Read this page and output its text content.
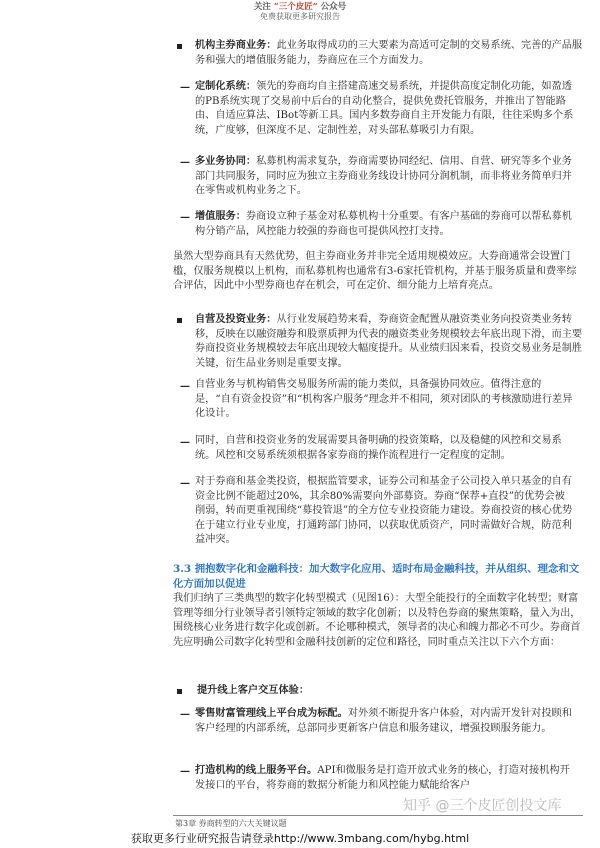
关注 “三个皮匠” 公众号
免费获取更多研究报告

机构主券商业务：此业务取得成功的三大要素为高适可定制的交易系统、完善的产品服务和强大的增值服务能力，券商应在三个方面发力。

— 定制化系统：领先的券商均自主搭建高速交易系统，并提供高度定制化功能，如盈透的PB系统实现了交易前中后台的自动化整合，提供免费托管服务，并推出了智能路由、自适应算法、IBot等新工具。国内多数券商自主开发能力有限，往往采购多个系统，广度够，但深度不足、定制性差，对头部私募吸引力有限。

— 多业务协同：私募机构需求复杂，券商需要协同经纪、信用、自营、研究等多个业务部门共同服务，同时应为独立主券商业务线设计协同分润机制，而非将业务简单归并在零售或机构业务之下。

— 增值服务：券商设立种子基金对私募机构十分重要。有客户基础的券商可以帮私募机构分销产品，风控能力较强的券商也可提供风控打支持。

虽然大型券商具有天然优势，但主券商业务并非完全适用规模效应。大券商通常会设置门槛，仅服务规模以上机构，而私募机构也通常有3-6家托管机构，并基于服务质量和费率综合评估，因此中小型券商也存在机会，可在定价、细分能力上培育亮点。

自营及投资业务：从行业发展趋势来看，券商资金配置从融资类业务向投资类业务转移，反映在以融资融券和股票质押为代表的融资类业务规模较去年底出现下滑，而主要券商投资业务规模较去年底出现较大幅度提升。从业绩归因来看，投资交易业务是制胜关键，衍生品业务则是重要支撑。

— 自营业务与机构销售交易服务所需的能力类似，具备强协同效应。值得注意的是，“自有资金投资”和“机构客户服务”理念并不相同，须对团队的考核激励进行差异化设计。

— 同时，自营和投资业务的发展需要具备明确的投资策略，以及稳健的风控和交易系统。风控和交易系统须根据各家券商的操作流程进行一定程度的定制。

— 对于券商和基金类投资，根据监管要求，证券公司和基金子公司投入单只基金的自有资金比例不能超过20%，其余80%需要向外部募资。券商“保荐+直投”的优势会被削弱，转而更重视围绕“募投管退”的全方位专业投资能力建设。券商投资的核心优势在于建立行业专业度，打通跨部门协同，以获取优质资产，同时需做好合规，防范利益冲突。

3.3 拥抱数字化和金融科技：加大数字化应用、适时布局金融科技，并从组织、理念和文化方面加以促进

我们归纳了三类典型的数字化转型模式（见图16）：大型全能投行的全面数字化转型；财富管理等细分行业领导者引领特定领域的数字化创新；以及特色券商的聚焦策略，量入为出，围绕核心业务进行数字化或创新。不论哪种模式，领导者的决心和魄力都必不可少。券商首先应明确公司数字化转型和金融科技创新的定位和路径，同时重点关注以下六个方面：

提升线上客户交互体验：

— 零售财富管理线上平台成为标配。对外须不断提升客户体验，对内需开发针对投顾和客户经理的内部系统，总部同步更新客户信息和服务建议，增强投顾服务能力。

— 打造机构的线上服务平台。API和微服务是打造开放式业务的核心，打造对接机构开发接口的平台，将券商的数据分析能力和风控能力赋能给客户

知乎 @三个皮匠创投文库
第3章 券商转型的六大关键议题
获取更多行业研究报告请登录http://www.3mbang.com/hybg.html
